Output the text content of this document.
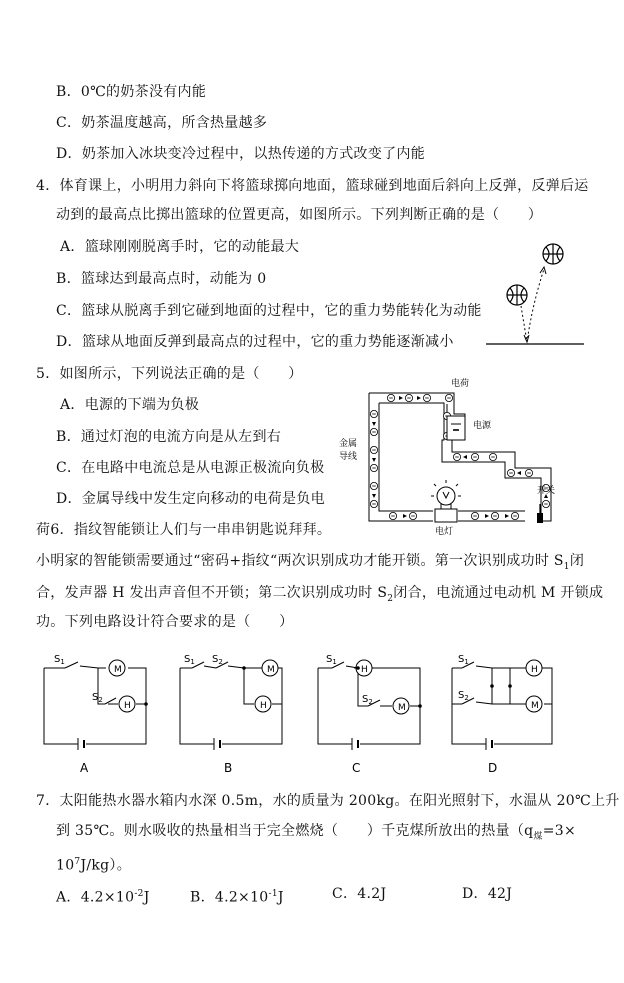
B．0℃的奶茶没有内能
C．奶茶温度越高，所含热量越多
D．奶茶加入冰块变冷过程中，以热传递的方式改变了内能
4．体育课上，小明用力斜向下将篮球掷向地面，篮球碰到地面后斜向上反弹，反弹后运
动到的最高点比掷出篮球的位置更高，如图所示。下列判断正确的是（　　）
A．篮球刚刚脱离手时，它的动能最大
B．篮球达到最高点时，动能为 0
C．篮球从脱离手到它碰到地面的过程中，它的重力势能转化为动能
D．篮球从地面反弹到最高点的过程中，它的重力势能逐渐减小
5．如图所示，下列说法正确的是（　　）
A．电源的下端为负极
B．通过灯泡的电流方向是从左到右
C．在电路中电流总是从电源正极流向负极
D．金属导线中发生定向移动的电荷是负电
电荷
电源
金属
导线
开关
电灯
荷6．指纹智能锁让人们与一串串钥匙说拜拜。
小明家的智能锁需要通过“密码+指纹“两次识别成功才能开锁。第一次识别成功时 $S_1$闭
合，发声器 H 发出声音但不开锁；第二次识别成功时 $S_2$闭合，电流通过电动机 M 开锁成
功。下列电路设计符合要求的是（　　）
M
H
$S_1$
$S_2$
A
M
H
$S_1$ $S_2$
B
H
M
$S_1$
$S_2$
C
H
M
$S_1$
$S_2$
D
7．太阳能热水器水箱内水深 0.5m，水的质量为 200kg。在阳光照射下，水温从 20℃上升
到 35℃。则水吸收的热量相当于完全燃烧（　　）千克煤所放出的热量（$q_煤=3\times$
$10^7J/kg$）。
A．$4.2\times 10^{-2}J$	B．$4.2\times 10^{-1}J$	C．4.2J	D．42J
